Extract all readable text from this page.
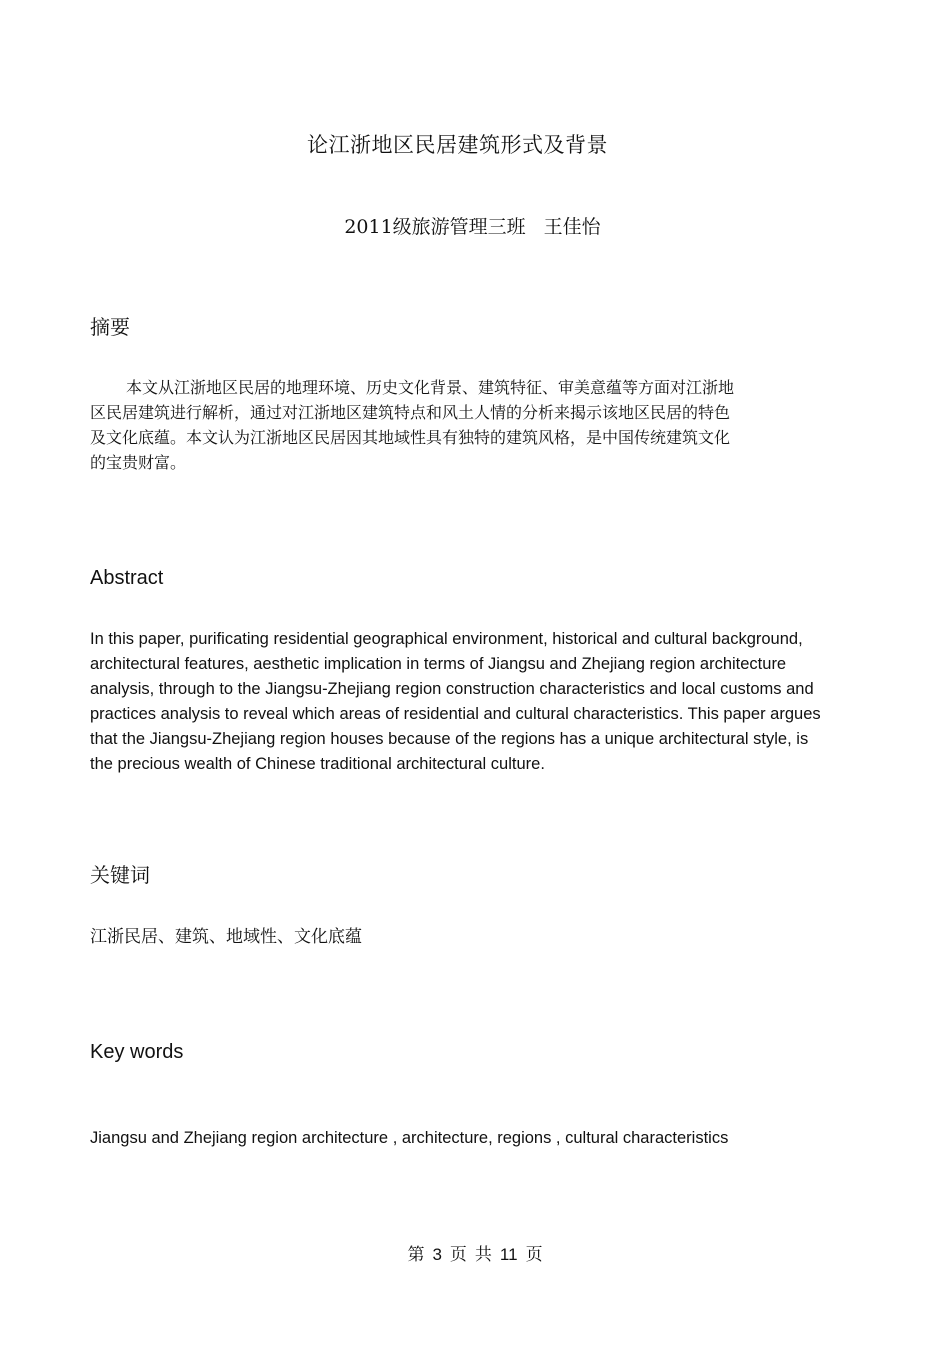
论江浙地区民居建筑形式及背景
2011级旅游管理三班 王佳怡
摘要
本文从江浙地区民居的地理环境、历史文化背景、建筑特征、审美意蕴等方面对江浙地
区民居建筑进行解析，通过对江浙地区建筑特点和风土人情的分析来揭示该地区民居的特色
及文化底蕴。本文认为江浙地区民居因其地域性具有独特的建筑风格，是中国传统建筑文化
的宝贵财富。
Abstract
In this paper, purificating residential geographical environment, historical and cultural background,
architectural features, aesthetic implication in terms of Jiangsu and Zhejiang region architecture
analysis, through to the Jiangsu-Zhejiang region construction characteristics and local customs and
practices analysis to reveal which areas of residential and cultural characteristics. This paper argues
that the Jiangsu-Zhejiang region houses because of the regions has a unique architectural style, is
the precious wealth of Chinese traditional architectural culture.
关键词
江浙民居、建筑、地域性、文化底蕴
Key words
Jiangsu and Zhejiang region architecture , architecture, regions , cultural characteristics
第 3 页 共 11 页
